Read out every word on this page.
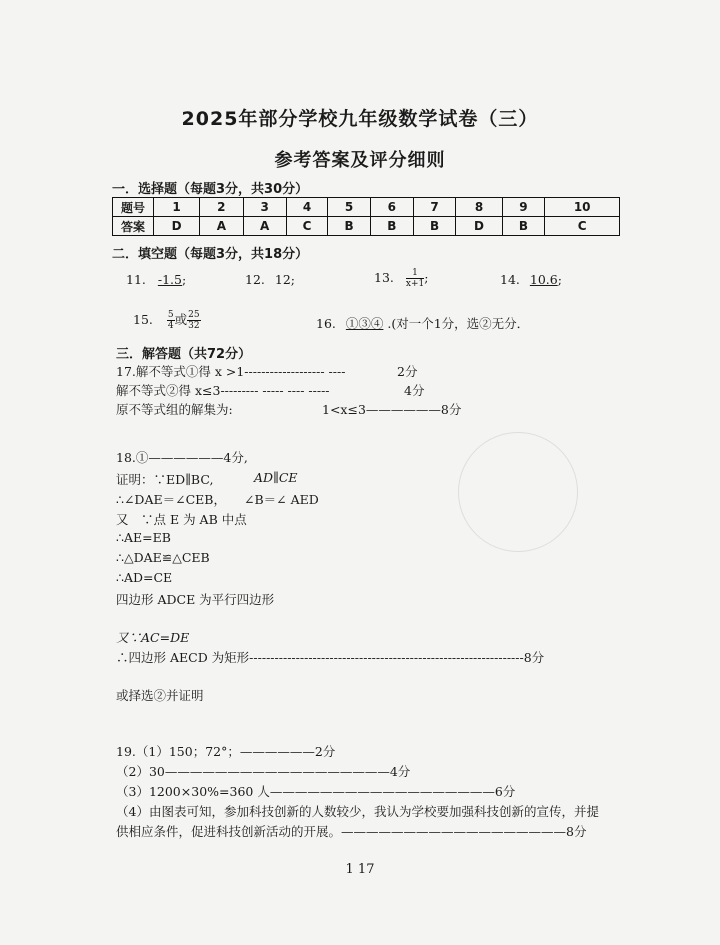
2025年部分学校九年级数学试卷（三）
参考答案及评分细则
一．选择题（每题3分，共30分）
题号	1	2	3	4	5	6	7	8	9	10
答案	D	A	A	C	B	B	B	D	B	C
二．填空题（每题3分，共18分）
11. -1.5;	12. 12;	13. $\frac{1}{x+1}$ ;	14. 10.6;
15. $\frac{5}{4}$ 或 $\frac{25}{32}$	16. ①③④ .(对一个1分，选②无分．
三．解答题（共72分）
17.解不等式①得 x >1------------------- ----	2分
解不等式②得 x≤3--------- ----- ---- -----	4分
原不等式组的解集为:	1<x≤3——————8分
18.①——————4分,
证明：∵ED∥BC,	AD∥CE
∴∠DAE＝∠CEB， ∠B＝∠ AED
又　∵点 E 为 AB 中点
∴AE=EB
∴△DAE≌△CEB
∴AD=CE
四边形 ADCE 为平行四边形
又∵AC=DE
∴四边形 AECD 为矩形-----------------------------------------------------------------8分
或择选②并证明
19.（1）150；72°；——————2分
（2）30——————————————————4分
（3）1200×30%=360 人——————————————————6分
（4）由图表可知，参加科技创新的人数较少，我认为学校要加强科技创新的宣传，并提
供相应条件，促进科技创新活动的开展。——————————————————8分
1 17
